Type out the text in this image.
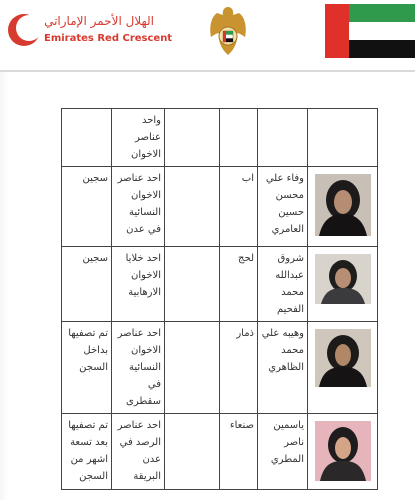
الهلال الأحمر الإماراتي
Emirates Red Crescent
				واحد عناصر الاخوان	

	وفاء علي محسن حسين العامري	اب		احد عناصر الاخوان النسائية في عدن	سجين

	شروق عبدالله محمد الفحيم	لحج		احد خلايا الاخوان الارهابية	سجين

	وهيبه علي محمد الظاهري	ذمار		احد عناصر الاخوان النسائية في سقطرى	تم تصفيها بداخل السجن

	ياسمين ناصر المطري	صنعاء		احد عناصر الرصد في عدن البريقة	تم تصفيها بعد تسعة اشهر من السجن
